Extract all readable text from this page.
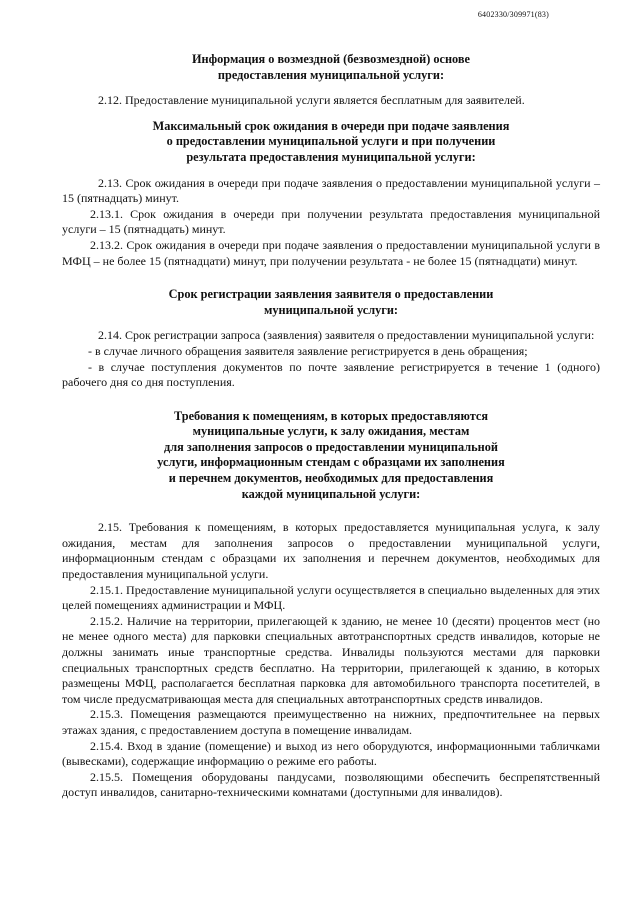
6402330/309971(83)
Информация о возмездной (безвозмездной) основе
предоставления муниципальной услуги:

2.12. Предоставление муниципальной услуги является бесплатным для заявителей.

Максимальный срок ожидания в очереди при подаче заявления
о предоставлении муниципальной услуги и при получении
результата предоставления муниципальной услуги:

2.13. Срок ожидания в очереди при подаче заявления о предоставлении муниципальной услуги – 15 (пятнадцать) минут.

2.13.1. Срок ожидания в очереди при получении результата предоставления муниципальной услуги – 15 (пятнадцать) минут.

2.13.2. Срок ожидания в очереди при подаче заявления о предоставлении муниципальной услуги в МФЦ – не более 15 (пятнадцати) минут, при получении результата - не более 15 (пятнадцати) минут.

Срок регистрации заявления заявителя о предоставлении
муниципальной услуги:

2.14. Срок регистрации запроса (заявления) заявителя о предоставлении муниципальной услуги:

- в случае личного обращения заявителя заявление регистрируется в день обращения;

- в случае поступления документов по почте заявление регистрируется в течение 1 (одного) рабочего дня со дня поступления.

Требования к помещениям, в которых предоставляются
муниципальные услуги, к залу ожидания, местам
для заполнения запросов о предоставлении муниципальной
услуги, информационным стендам с образцами их заполнения
и перечнем документов, необходимых для предоставления
каждой муниципальной услуги:

2.15. Требования к помещениям, в которых предоставляется муниципальная услуга, к залу ожидания, местам для заполнения запросов о предоставлении муниципальной услуги, информационным стендам с образцами их заполнения и перечнем документов, необходимых для предоставления муниципальной услуги.

2.15.1. Предоставление муниципальной услуги осуществляется в специально выделенных для этих целей помещениях администрации и МФЦ.

2.15.2. Наличие на территории, прилегающей к зданию, не менее 10 (десяти) процентов мест (но не менее одного места) для парковки специальных автотранспортных средств инвалидов, которые не должны занимать иные транспортные средства. Инвалиды пользуются местами для парковки специальных транспортных средств бесплатно. На территории, прилегающей к зданию, в которых размещены МФЦ, располагается бесплатная парковка для автомобильного транспорта посетителей, в том числе предусматривающая места для специальных автотранспортных средств инвалидов.

2.15.3. Помещения размещаются преимущественно на нижних, предпочтительнее на первых этажах здания, с предоставлением доступа в помещение инвалидам.

2.15.4. Вход в здание (помещение) и выход из него оборудуются, информационными табличками (вывесками), содержащие информацию о режиме его работы.

2.15.5. Помещения оборудованы пандусами, позволяющими обеспечить беспрепятственный доступ инвалидов, санитарно-техническими комнатами (доступными для инвалидов).
